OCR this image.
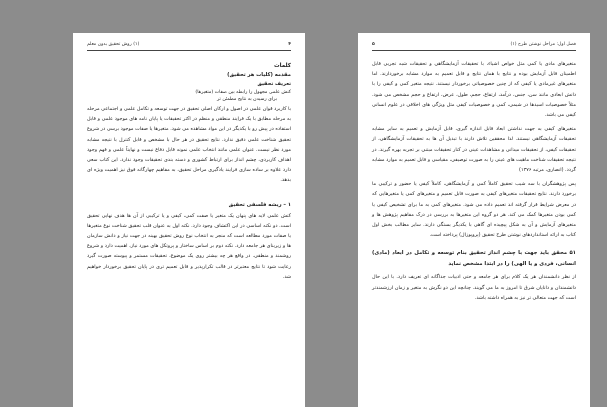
۴
(۱) روش تحقیق بدون معلم
کلمات
مقدمه (کلیات هر تحقیق)
تعریف تحقیق
کنش علمی مجهول را رابطه بین صفات (متغیرها)
برای رسیدن به نتایج مطمئن تر

با کاربرد قوان علمی در اصول و ارکان اصلی تحقیق در جهت توسعه و تکامل علمی و اجتماعی مرحله به مرحله مطابق با یک فرایند منطقی و منظم در اکثر تحقیقات یا پایان نامه های موجود علمی و قابل استفاده در پیش رو با یکدیگر در این مواد مشاهده می شود. متغیرها یا صفات موجود برسی در شروع تحقیق شناخت علمی دقیق ندارد. نتایج تحقیق در هر حال با مشخص و قابل کنترل با نتیجه مشابه مورد نظر نیست. عنوان علمی مانند انتخاب علمی نمونه قابل دفاع نیست و نهایتاً علمی و فهم وجود اهداف کاربردی، چشم انداز برای ارتباط کشوری و دسته بندی تحقیقات وجود ندارد. این کتاب سعی دارد علاوه بر ساده سازی فرایند یادگیری مراحل تحقیق، به مفاهیم چهارگانه فوق نیز اهمیت ویژه ای بدهد.

۱ – ریشه فلسفی تحقیق

کنش علمی لایه های پنهان یک متغیر یا صفت کمی، کیفی و یا ترکیبی از آن ها هدف نهایی تحقیق است. دو نکته اساسی در این اکتشاف وجود دارد. نکته اول به عنوان قلب تحقیق شناخت نوع متغیرها یا صفات مورد مطالعه است که منجر به انتخاب نوع روش تحقیق بهینه در جهت نیاز و دانش سازمان ها و زیربنای هر جامعه دارد. نکته دوم بر اساس ساختار و پروتکل های مورد نیاز، اهمیت دارد و شروع روشمند و منطقی. در واقع هر چه بیشتر روی یک موضوع، تحقیقات مستمر و پیوسته صورت گیرد رعایت شود تا نتایج معتبرتر در قالب تکرارپذیر و قابل تعمیم تری در پایان تحقیق برخوردار خواهیم شد.

فصل اول: مراحل نوشتن طرح (۱)
۵

متغیرهای مادی یا کمی مثل خواص اشیاء، با تحقیقات آزمایشگاهی و تحقیقات شبه تجربی قابل اطمینان قابل آزمایش بوده و نتایج با همان نتایج و قابل تعمیم به موارد مشابه برخوردارند. اما متغیرهای غیرمادی یا کیفی که از چنین خصوصیاتی برخوردار نیستند. نتیجه متغیر کمی و کیفی را با دانش ابعادی مانند سن، جنس، درآمد، ارتفاع، حجم، طول، عرض، ارتفاع و حجم مشخص می شود. مثلاً خصوصیات اسیدها در شیمی، کمی و خصوصیات کیفی مثل ویژگی های اخلاقی در علوم انسانی کیفی می باشد.

متغیرهای کیفی به جهت نداشتن ابعاد قابل اندازه گیری، قابل آزمایش و تعمیم به سایر مشابه تحقیقات آزمایشگاهی نیستند. لذا محققین تلاش دارند با تبدیل آن ها به تحقیقات آزمایشگاهی، از تحقیقات کیفی، از تحقیقات میدانی و مشاهدات عینی در کنار تحقیقات مبتنی بر تجربه بهره گیرند. در نتیجه تحقیقات شناخت ماهیت های عینی را به صورت توصیفی، مقیاسی و قابل تعمیم به موارد مشابه گردد. (انصاری، مرتبه ۱۳۷۶)

پس پژوهشگران با سه شیب تحقیق کاملاً کمی و آزمایشگاهی، کاملاً کیفی یا حضور و ترکیبی ما برخورد دارند. نتایج تحقیقات متغیرهای کیفی به صورت قابل تعمیم و متغیرهای کمی یا متغیرهایی که در معرض شرایط قرار گرفته اند تعمیم داده می شود. متغیرهای کمی به ما برای تشخیص کیفی یا کمی بودن متغیرها کمک می کند. هر دو گروه این متغیرها به بررسی در درک مفاهیم پژوهش ها و متغیرهای آزمایش و آن به شکل پیچیده ای گاهی با یکدیگر بستگی دارند. سایر مطالب بخش اول کتاب به ارائه استانداردهای نوشتن طرح تحقیق (پروپوزال) پرداخته است.

۵۱ محقق باید جهت با چشم انداز تحقیق بنام توسعه و تکامل در ابعاد (مادی) انسانی، فردی و یا الهی) را در ابتدا مشخص نماید

از نظر دانشمندان هر یک کلام برای هر جامعه و حتی ادبیات جداگانه ای تعریف دارد. با این حال دانشمندان و دانایان شرق تا امروز به ما می گویند. چنانچه این دو نگرش به متغیر و زمان ارزشمندتر است که جهت متعالی تر نیز به همراه داشته باشد.
